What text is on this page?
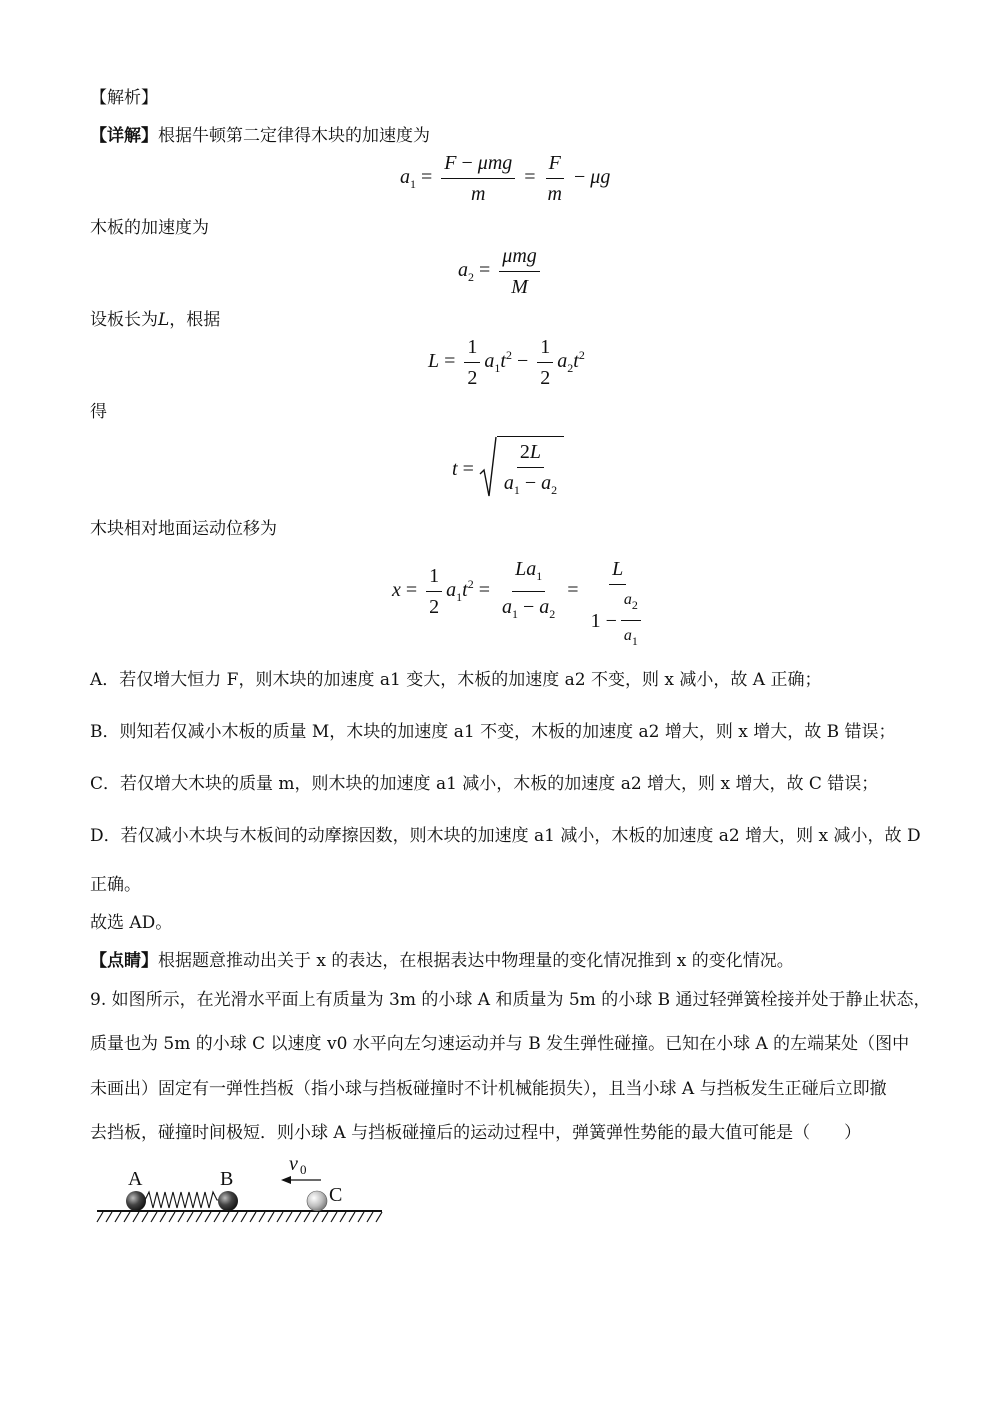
【解析】
【详解】根据牛顿第二定律得木块的加速度为
$a_1 = \frac{\text{F − μmg}}{m} = \frac{F}{m} - \mu g$
木板的加速度为
$a_2 = \frac{\text{μmg}}{M}$
设板长为L，根据
$L = \frac{1}{2} a_1t^2 - \frac{1}{2} a_2t^2$
得
$t = \frac{2L}{a_1 - a_2}$
木块相对地面运动位移为
$x = \frac{1}{2} a_1t^2 = \frac{La_1}{a_1 - a_2} = \frac{L}{1 - \frac{a_2}{a_1}}$
A．若仅增大恒力 F，则木块的加速度 a1 变大，木板的加速度 a2 不变，则 x 减小，故 A 正确；
B．则知若仅减小木板的质量 M，木块的加速度 a1 不变，木板的加速度 a2 增大，则 x 增大，故 B 错误；
C．若仅增大木块的质量 m，则木块的加速度 a1 减小，木板的加速度 a2 增大，则 x 增大，故 C 错误；
D．若仅减小木块与木板间的动摩擦因数，则木块的加速度 a1 减小，木板的加速度 a2 增大，则 x 减小，故 D
正确。
故选 AD。
【点睛】根据题意推动出关于 x 的表达，在根据表达中物理量的变化情况推到 x 的变化情况。
9. 如图所示，在光滑水平面上有质量为 3m 的小球 A 和质量为 5m 的小球 B 通过轻弹簧栓接并处于静止状态，
质量也为 5m 的小球 C 以速度 v0 水平向左匀速运动并与 B 发生弹性碰撞。已知在小球 A 的左端某处（图中
未画出）固定有一弹性挡板（指小球与挡板碰撞时不计机械能损失），且当小球 A 与挡板发生正碰后立即撤
去挡板，碰撞时间极短．则小球 A 与挡板碰撞后的运动过程中，弹簧弹性势能的最大值可能是（　　）
A	B
C
v 0
